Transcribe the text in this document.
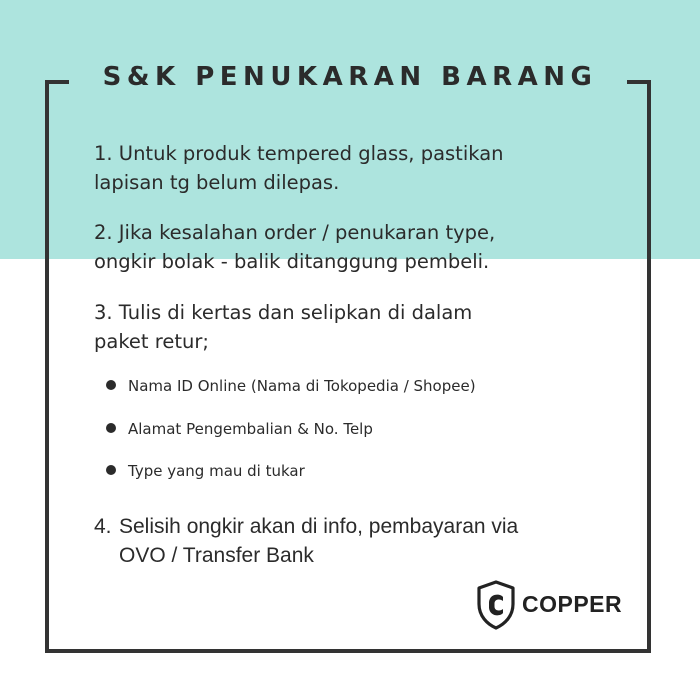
S&K PENUKARAN BARANG
1. Untuk produk tempered glass, pastikan
lapisan tg belum dilepas.
2. Jika kesalahan order / penukaran type,
ongkir bolak - balik ditanggung pembeli.
3. Tulis di kertas dan selipkan di dalam
paket retur;
Nama ID Online (Nama di Tokopedia / Shopee)
Alamat Pengembalian & No. Telp
Type yang mau di tukar
4. Selisih ongkir akan di info, pembayaran via
OVO / Transfer Bank
COPPER
